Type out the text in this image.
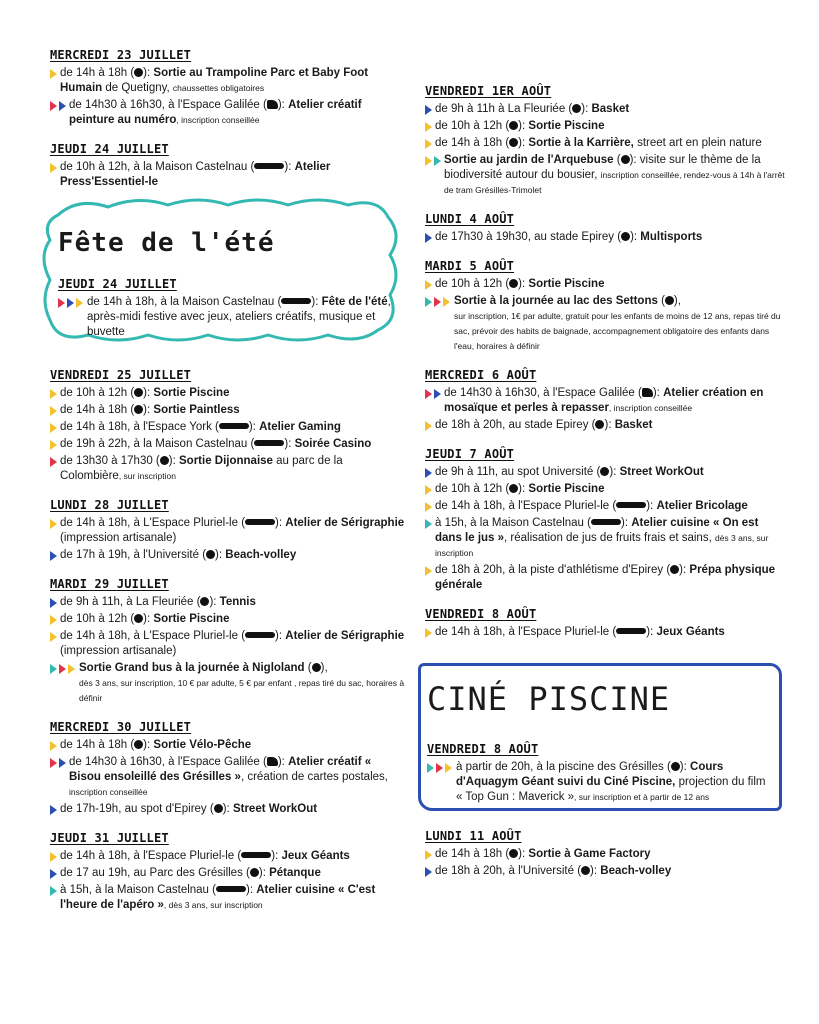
MERCREDI 23 JUILLET
de 14h à 18h ( ): Sortie au Trampoline Parc et Baby Foot Humain de Quetigny, chaussettes obligatoires
de 14h30 à 16h30, à l'Espace Galilée ( ): Atelier créatif peinture au numéro, inscription conseillée
JEUDI 24 JUILLET
de 10h à 12h, à la Maison Castelnau (	): Atelier Press'Essentiel-le
Fête de l'été
JEUDI 24 JUILLET
de 14h à 18h, à la Maison Castelnau (	): Fête de l'été, après-midi festive avec jeux, ateliers créatifs, musique et buvette
VENDREDI 25 JUILLET
de 10h à 12h ( ): Sortie Piscine
de 14h à 18h ( ): Sortie Paintless
de 14h à 18h, à l'Espace York (	): Atelier Gaming
de 19h à 22h, à la Maison Castelnau (	): Soirée Casino
de 13h30 à 17h30 ( ): Sortie Dijonnaise au parc de la Colombière, sur inscription
LUNDI 28 JUILLET
de 14h à 18h, à L'Espace Pluriel-le (	): Atelier de Sérigraphie (impression artisanale)
de 17h à 19h, à l'Université ( ): Beach-volley
MARDI 29 JUILLET
de 9h à 11h, à La Fleuriée ( ): Tennis
de 10h à 12h ( ): Sortie Piscine
de 14h à 18h, à L'Espace Pluriel-le (	): Atelier de Sérigraphie (impression artisanale)
Sortie Grand bus à la journée à Nigloland ( ),
dès 3 ans, sur inscription, 10 € par adulte, 5 € par enfant , repas tiré du sac, horaires à définir
MERCREDI 30 JUILLET
de 14h à 18h ( ): Sortie Vélo-Pêche
de 14h30 à 16h30, à l'Espace Galilée ( ): Atelier créatif « Bisou ensoleillé des Grésilles », création de cartes postales, inscription conseillée
de 17h-19h, au spot d'Epirey ( ): Street WorkOut
JEUDI 31 JUILLET
de 14h à 18h, à l'Espace Pluriel-le (	): Jeux Géants
de 17 au 19h, au Parc des Grésilles ( ): Pétanque
à 15h, à la Maison Castelnau (	): Atelier cuisine « C'est l'heure de l'apéro », dès 3 ans, sur inscription
VENDREDI 1ER AOÛT
de 9h à 11h à La Fleuriée ( ): Basket
de 10h à 12h ( ): Sortie Piscine
de 14h à 18h ( ): Sortie à la Karrière, street art en plein nature
Sortie au jardin de l'Arquebuse ( ): visite sur le thème de la biodiversité autour du bousier, inscription conseillée, rendez-vous à 14h à l'arrêt de tram Grésilles-Trimolet
LUNDI 4 AOÛT
de 17h30 à 19h30, au stade Epirey ( ): Multisports
MARDI 5 AOÛT
de 10h à 12h ( ): Sortie Piscine
Sortie à la journée au lac des Settons ( ),
sur inscription, 1€ par adulte, gratuit pour les enfants de moins de 12 ans, repas tiré du sac, prévoir des habits de baignade, accompagnement obligatoire des enfants dans l'eau, horaires à définir
MERCREDI 6 AOÛT
de 14h30 à 16h30, à l'Espace Galilée ( ): Atelier création en mosaïque et perles à repasser, inscription conseillée
de 18h à 20h, au stade Epirey ( ): Basket
JEUDI 7 AOÛT
de 9h à 11h, au spot Université ( ): Street WorkOut
de 10h à 12h ( ): Sortie Piscine
de 14h à 18h, à l'Espace Pluriel-le (	): Atelier Bricolage
à 15h, à la Maison Castelnau (	): Atelier cuisine « On est dans le jus », réalisation de jus de fruits frais et sains, dès 3 ans, sur inscription
de 18h à 20h, à la piste d'athlétisme d'Epirey ( ): Prépa physique générale
VENDREDI 8 AOÛT
de 14h à 18h, à l'Espace Pluriel-le (	): Jeux Géants
CINÉ PISCINE
VENDREDI 8 AOÛT
à partir de 20h, à la piscine des Grésilles ( ): Cours d'Aquagym Géant suivi du Ciné Piscine, projection du film « Top Gun : Maverick », sur inscription et à partir de 12 ans
LUNDI 11 AOÛT
de 14h à 18h ( ): Sortie à Game Factory
de 18h à 20h, à l'Université ( ): Beach-volley
